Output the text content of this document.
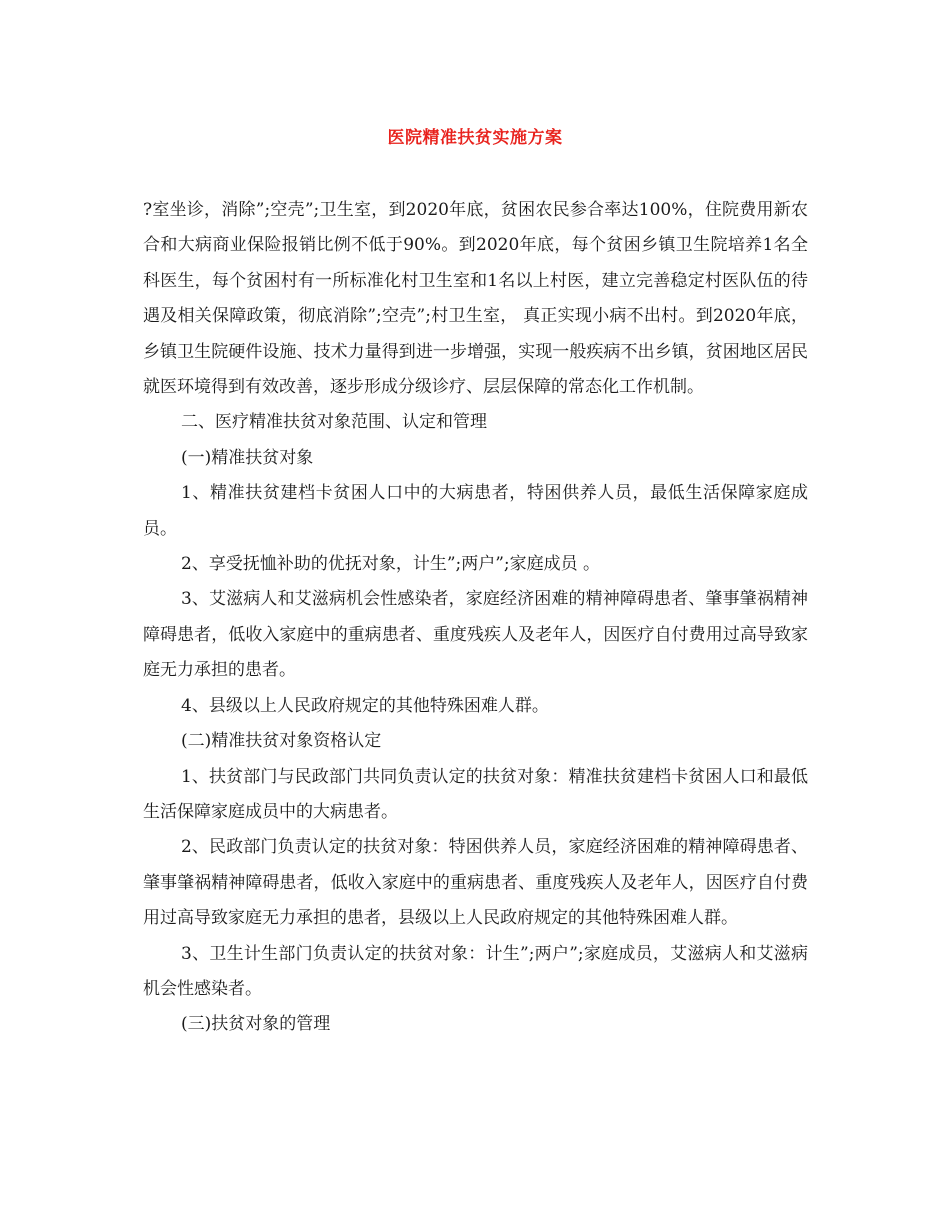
医院精准扶贫实施方案

?室坐诊，消除”;空壳”;卫生室，到2020年底，贫困农民参合率达100%，住院费用新农合和大病商业保险报销比例不低于90%。到2020年底，每个贫困乡镇卫生院培养1名全科医生，每个贫困村有一所标准化村卫生室和1名以上村医，建立完善稳定村医队伍的待遇及相关保障政策，彻底消除”;空壳”;村卫生室， 真正实现小病不出村。到2020年底，乡镇卫生院硬件设施、技术力量得到进一步增强，实现一般疾病不出乡镇，贫困地区居民就医环境得到有效改善，逐步形成分级诊疗、层层保障的常态化工作机制。

二、医疗精准扶贫对象范围、认定和管理

(一)精准扶贫对象

1、精准扶贫建档卡贫困人口中的大病患者，特困供养人员，最低生活保障家庭成员。

2、享受抚恤补助的优抚对象，计生”;两户”;家庭成员 。

3、艾滋病人和艾滋病机会性感染者，家庭经济困难的精神障碍患者、肇事肇祸精神障碍患者，低收入家庭中的重病患者、重度残疾人及老年人，因医疗自付费用过高导致家庭无力承担的患者。

4、县级以上人民政府规定的其他特殊困难人群。

(二)精准扶贫对象资格认定

1、扶贫部门与民政部门共同负责认定的扶贫对象：精准扶贫建档卡贫困人口和最低生活保障家庭成员中的大病患者。

2、民政部门负责认定的扶贫对象：特困供养人员，家庭经济困难的精神障碍患者、肇事肇祸精神障碍患者，低收入家庭中的重病患者、重度残疾人及老年人，因医疗自付费用过高导致家庭无力承担的患者，县级以上人民政府规定的其他特殊困难人群。

3、卫生计生部门负责认定的扶贫对象：计生”;两户”;家庭成员，艾滋病人和艾滋病机会性感染者。

(三)扶贫对象的管理
